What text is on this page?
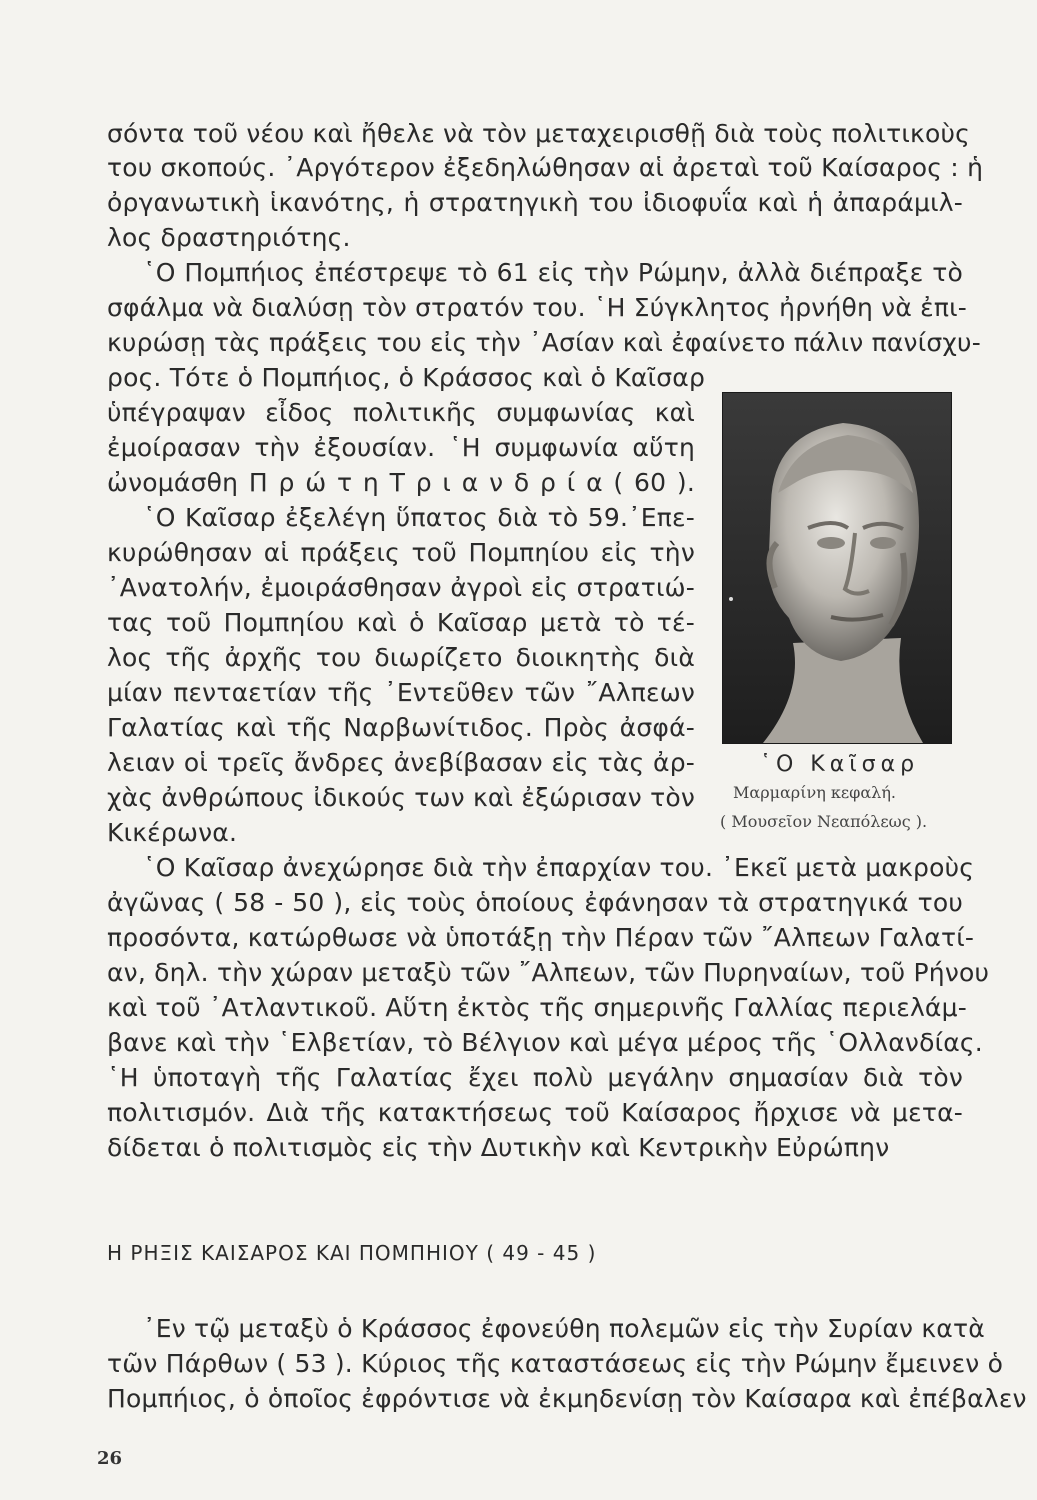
σόντα τοῦ νέου καὶ ἤθελε νὰ τὸν μεταχειρισθῇ διὰ τοὺς πολιτικοὺς
του σκοπούς. ᾿Αργότερον ἐξεδηλώθησαν αἱ ἀρεταὶ τοῦ Καίσαρος : ἡ
ὀργανωτικὴ ἱκανότης, ἡ στρατηγικὴ του ἰδιοφυΐα καὶ ἡ ἀπαράμιλ-
λος δραστηριότης.
῾Ο Πομπήιος ἐπέστρεψε τὸ 61 εἰς τὴν Ρώμην, ἀλλὰ διέπραξε τὸ
σφάλμα νὰ διαλύσῃ τὸν στρατόν του. ῾Η Σύγκλητος ἠρνήθη νὰ ἐπι-
κυρώσῃ τὰς πράξεις του εἰς τὴν ᾿Ασίαν καὶ ἐφαίνετο πάλιν πανίσχυ-
ρος. Τότε ὁ Πομπήιος, ὁ Κράσσος καὶ ὁ Καῖσαρ
ὑπέγραψαν εἶδος πολιτικῆς συμφωνίας καὶ
ἐμοίρασαν τὴν ἐξουσίαν. ῾Η συμφωνία αὕτη
ὠνομάσθη Π ρ ώ τ η Τ ρ ι α ν δ ρ ί α ( 60 ).
῾Ο Καῖσαρ ἐξελέγη ὕπατος διὰ τὸ 59.᾿Επε-
κυρώθησαν αἱ πράξεις τοῦ Πομπηίου εἰς τὴν
᾿Ανατολήν, ἐμοιράσθησαν ἀγροὶ εἰς στρατιώ-
τας τοῦ Πομπηίου καὶ ὁ Καῖσαρ μετὰ τὸ τέ-
λος τῆς ἀρχῆς του διωρίζετο διοικητὴς διὰ
μίαν πενταετίαν τῆς ᾿Εντεῦθεν τῶν ῎Αλπεων
Γαλατίας καὶ τῆς Ναρβωνίτιδος. Πρὸς ἀσφά-
λειαν οἱ τρεῖς ἄνδρες ἀνεβίβασαν εἰς τὰς ἀρ-
χὰς ἀνθρώπους ἰδικούς των καὶ ἐξώρισαν τὸν
Κικέρωνα.
῾Ο Καῖσαρ
Μαρμαρίνη κεφαλή.
( Μουσεῖον Νεαπόλεως ).
῾Ο Καῖσαρ ἀνεχώρησε διὰ τὴν ἐπαρχίαν του. ᾿Εκεῖ μετὰ μακροὺς
ἀγῶνας ( 58 - 50 ), εἰς τοὺς ὁποίους ἐφάνησαν τὰ στρατηγικά του
προσόντα, κατώρθωσε νὰ ὑποτάξῃ τὴν Πέραν τῶν ῎Αλπεων Γαλατί-
αν, δηλ. τὴν χώραν μεταξὺ τῶν ῎Αλπεων, τῶν Πυρηναίων, τοῦ Ρήνου
καὶ τοῦ ᾿Ατλαντικοῦ. Αὕτη ἐκτὸς τῆς σημερινῆς Γαλλίας περιελάμ-
βανε καὶ τὴν ῾Ελβετίαν, τὸ Βέλγιον καὶ μέγα μέρος τῆς ῾Ολλανδίας.
῾Η ὑποταγὴ τῆς Γαλατίας ἔχει πολὺ μεγάλην σημασίαν διὰ τὸν
πολιτισμόν. Διὰ τῆς κατακτήσεως τοῦ Καίσαρος ἤρχισε νὰ μετα-
δίδεται ὁ πολιτισμὸς εἰς τὴν Δυτικὴν καὶ Κεντρικὴν Εὐρώπην
Η ΡΗΞΙΣ ΚΑΙΣΑΡΟΣ ΚΑΙ ΠΟΜΠΗΙΟΥ ( 49 - 45 )
᾿Εν τῷ μεταξὺ ὁ Κράσσος ἐφονεύθη πολεμῶν εἰς τὴν Συρίαν κατὰ
τῶν Πάρθων ( 53 ). Κύριος τῆς καταστάσεως εἰς τὴν Ρώμην ἔμεινεν ὁ
Πομπήιος, ὁ ὁποῖος ἐφρόντισε νὰ ἐκμηδενίσῃ τὸν Καίσαρα καὶ ἐπέβαλεν
26
